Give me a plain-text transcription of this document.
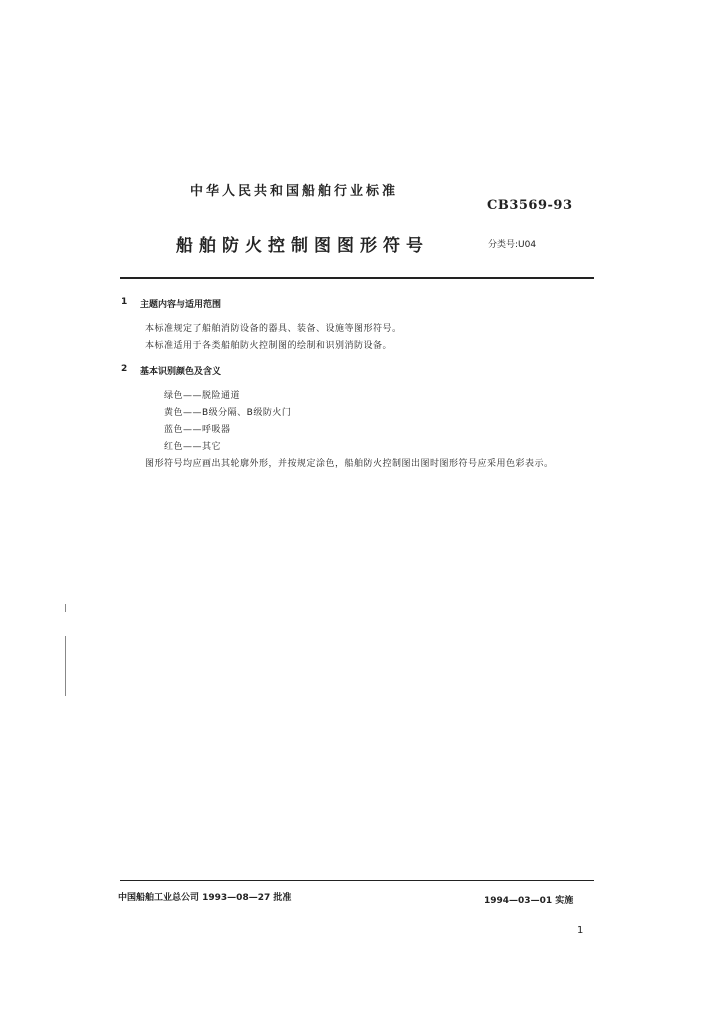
中华人民共和国船舶行业标准
CB3569-93
船舶防火控制图图形符号	分类号:U04
1 主题内容与适用范围
本标准规定了船舶消防设备的器具、装备、设施等图形符号。
本标准适用于各类船舶防火控制图的绘制和识别消防设备。
2 基本识别颜色及含义
绿色——脱险通道
黄色——B级分隔、B级防火门
蓝色——呼吸器
红色——其它
图形符号均应画出其轮廓外形，并按规定涂色，船舶防火控制图出图时图形符号应采用色彩表示。
中国船舶工业总公司 1993—08—27 批准	1994—03—01 实施
1
